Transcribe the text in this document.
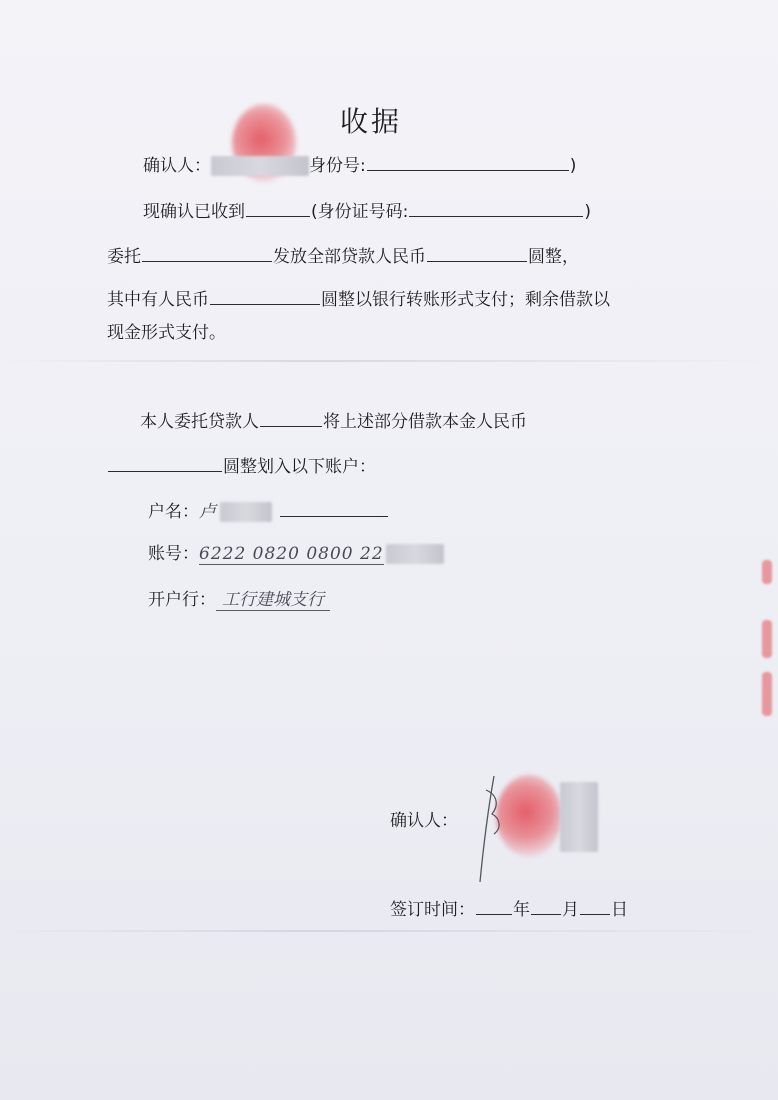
收据
确认人：	身份号:	)
现确认已收到	(身份证号码:	)
委托	发放全部贷款人民币	圆整，
其中有人民币	圆整以银行转账形式支付；剩余借款以
现金形式支付。
本人委托贷款人	将上述部分借款本金人民币
圆整划入以下账户：
户名：卢
账号：6222 0820 0800 22
开户行： 工行建城支行
确认人：
签订时间： 年 月 日
